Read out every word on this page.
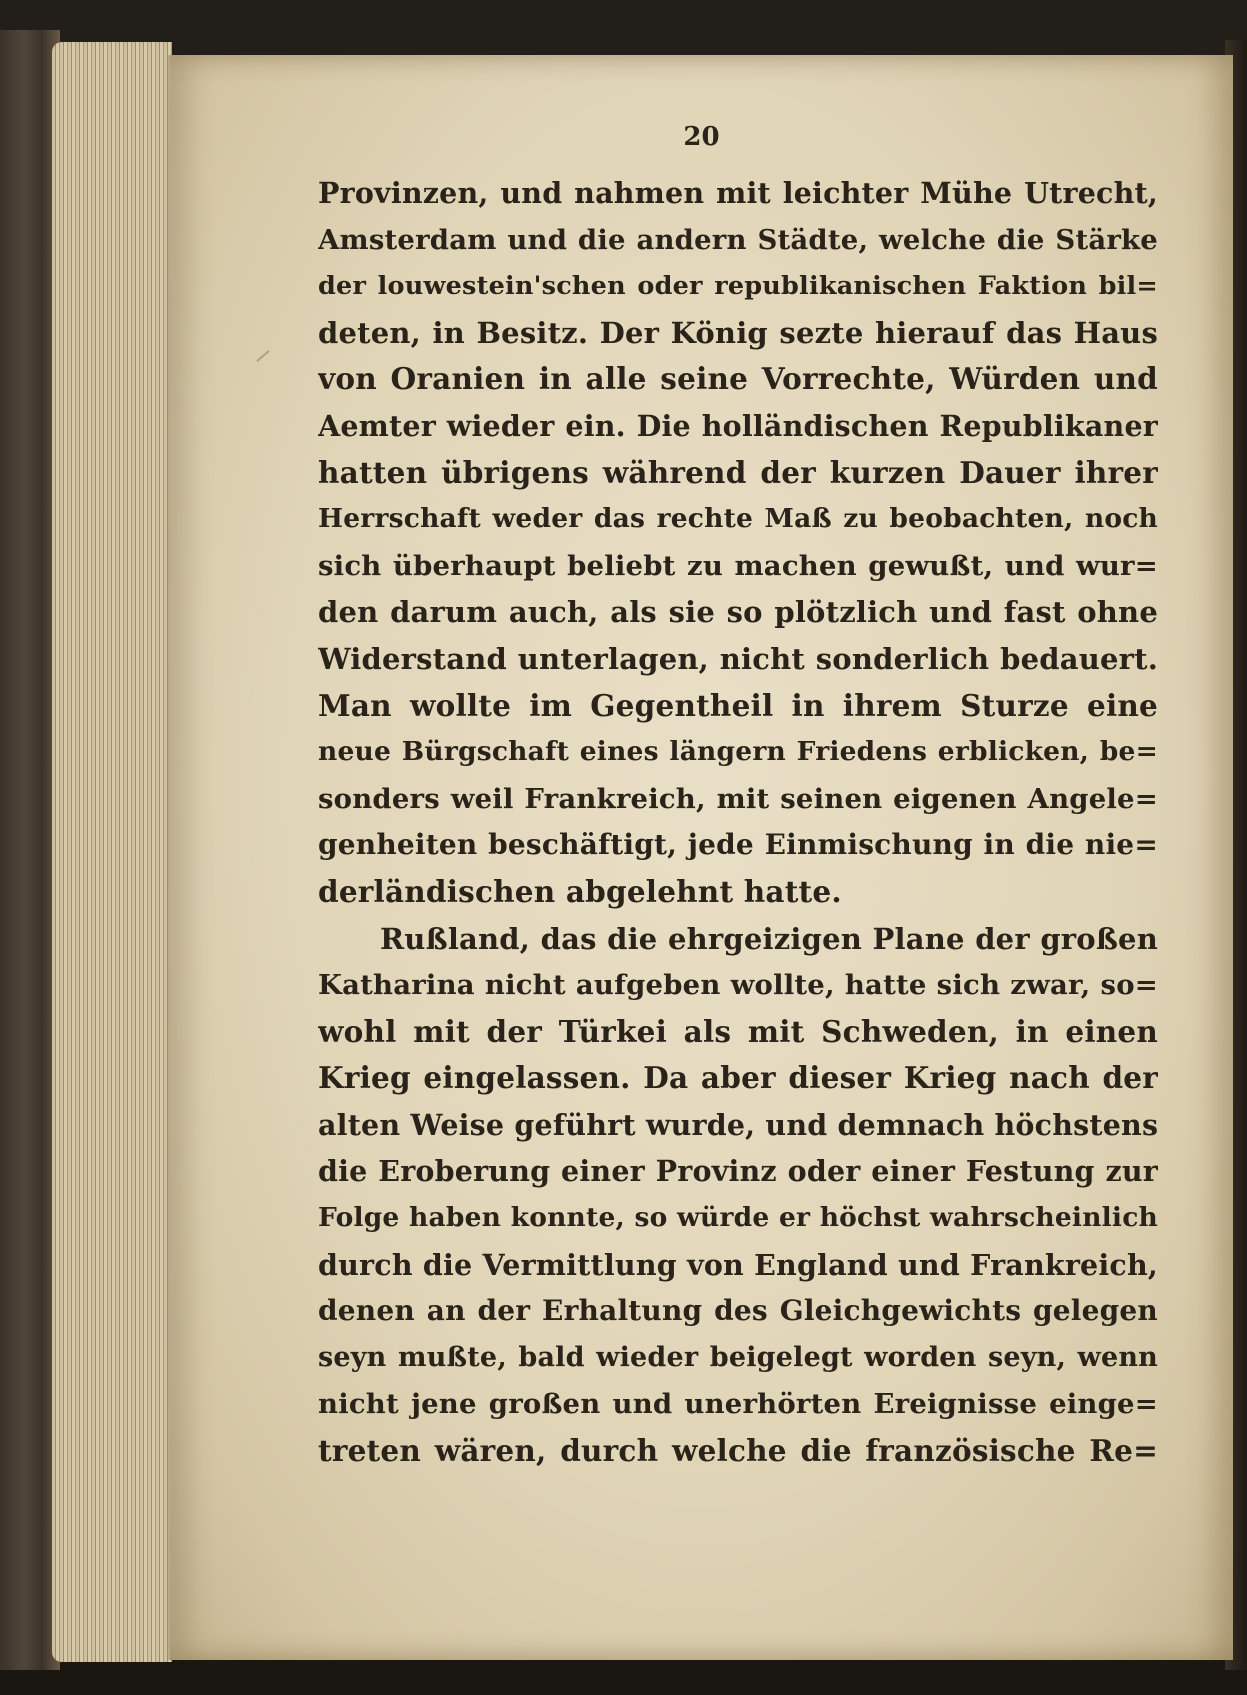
20
Provinzen, und nahmen mit leichter Mühe Utrecht,
Amsterdam und die andern Städte, welche die Stärke
der louwestein'schen oder republikanischen Faktion bil=
deten, in Besitz. Der König sezte hierauf das Haus
von Oranien in alle seine Vorrechte, Würden und
Aemter wieder ein. Die holländischen Republikaner
hatten übrigens während der kurzen Dauer ihrer
Herrschaft weder das rechte Maß zu beobachten, noch
sich überhaupt beliebt zu machen gewußt, und wur=
den darum auch, als sie so plötzlich und fast ohne
Widerstand unterlagen, nicht sonderlich bedauert.
Man wollte im Gegentheil in ihrem Sturze eine
neue Bürgschaft eines längern Friedens erblicken, be=
sonders weil Frankreich, mit seinen eigenen Angele=
genheiten beschäftigt, jede Einmischung in die nie=
derländischen abgelehnt hatte.
Rußland, das die ehrgeizigen Plane der großen
Katharina nicht aufgeben wollte, hatte sich zwar, so=
wohl mit der Türkei als mit Schweden, in einen
Krieg eingelassen. Da aber dieser Krieg nach der
alten Weise geführt wurde, und demnach höchstens
die Eroberung einer Provinz oder einer Festung zur
Folge haben konnte, so würde er höchst wahrscheinlich
durch die Vermittlung von England und Frankreich,
denen an der Erhaltung des Gleichgewichts gelegen
seyn mußte, bald wieder beigelegt worden seyn, wenn
nicht jene großen und unerhörten Ereignisse einge=
treten wären, durch welche die französische Re=
